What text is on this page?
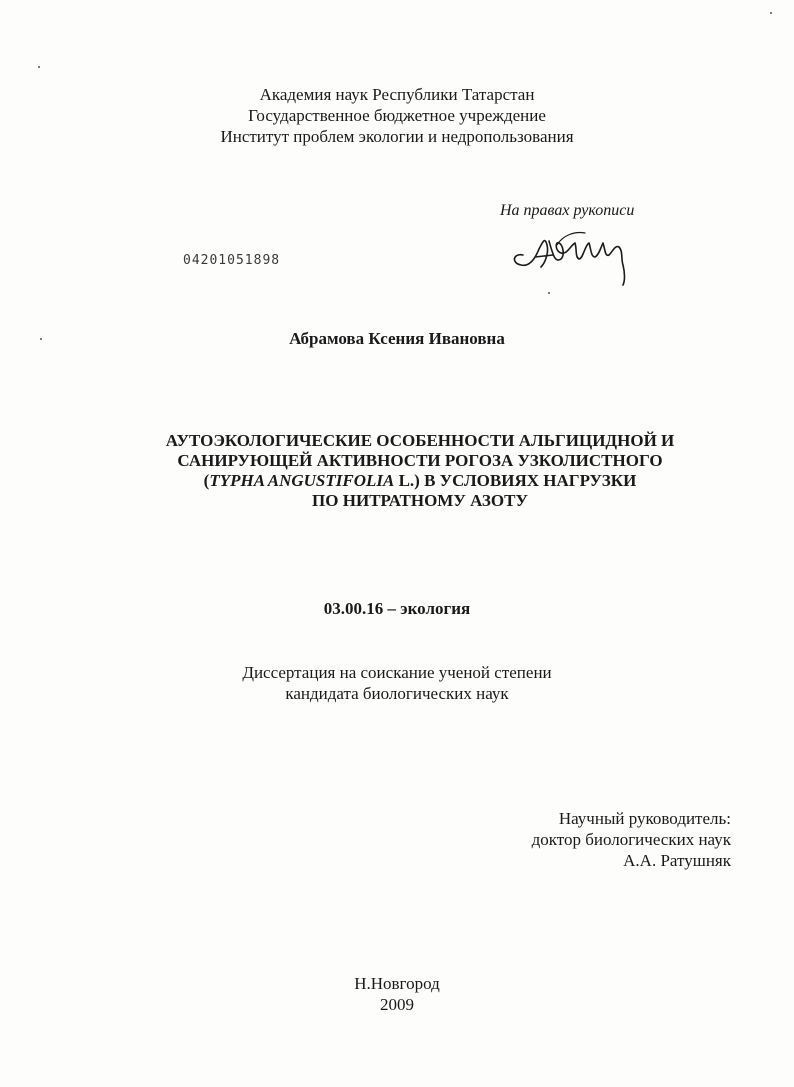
Академия наук Республики Татарстан
Государственное бюджетное учреждение
Институт проблем экологии и недропользования
На правах рукописи
04201051898
Абрамова Ксения Ивановна
АУТОЭКОЛОГИЧЕСКИЕ ОСОБЕННОСТИ АЛЬГИЦИДНОЙ И
САНИРУЮЩЕЙ АКТИВНОСТИ РОГОЗА УЗКОЛИСТНОГО
(TYPHA ANGUSTIFOLIA L.) В УСЛОВИЯХ НАГРУЗКИ
ПО НИТРАТНОМУ АЗОТУ
03.00.16 – экология
Диссертация на соискание ученой степени
кандидата биологических наук
Научный руководитель:
доктор биологических наук
А.А. Ратушняк
Н.Новгород
2009
